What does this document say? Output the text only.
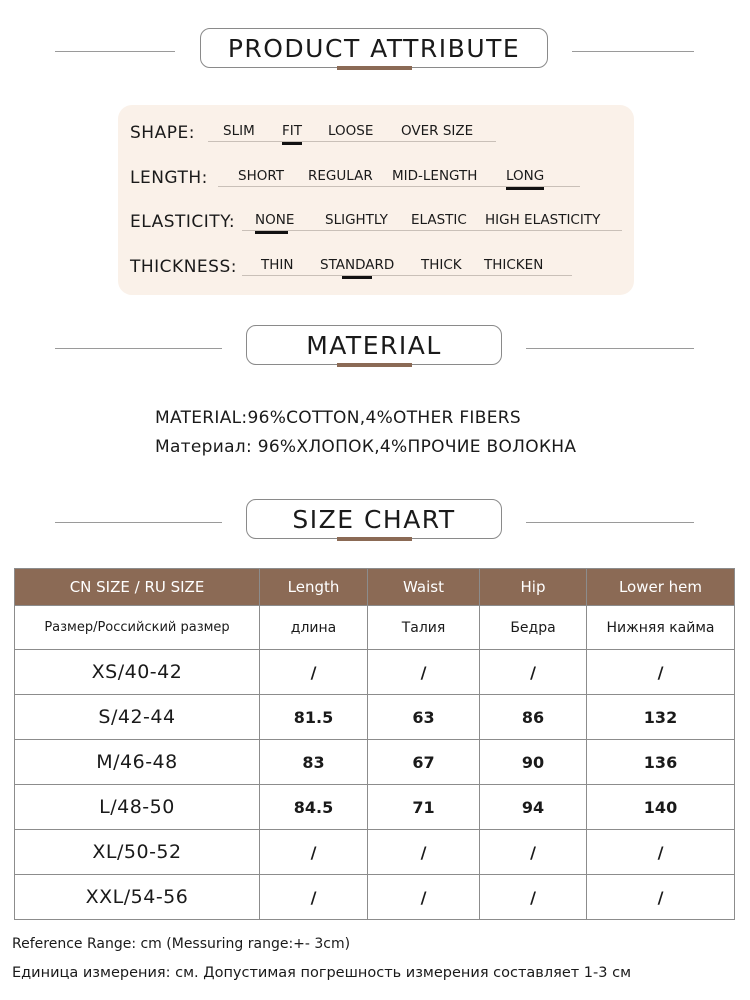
PRODUCT ATTRIBUTE
SHAPE: SLIM FIT LOOSE OVER SIZE
LENGTH: SHORT REGULAR MID-LENGTH LONG
ELASTICITY: NONE SLIGHTLY ELASTIC HIGH ELASTICITY
THICKNESS: THIN STANDARD THICK THICKEN
MATERIAL
MATERIAL:96%COTTON,4%OTHER FIBERS
Материал: 96%ХЛОПОК,4%ПРОЧИЕ ВОЛОКНА
SIZE CHART
CN SIZE / RU SIZE	Length	Waist	Hip	Lower hem
Размер/Российский размер	длина	Талия	Бедра	Нижняя кайма
XS/40-42	/	/	/	/
S/42-44	81.5	63	86	132
M/46-48	83	67	90	136
L/48-50	84.5	71	94	140
XL/50-52	/	/	/	/
XXL/54-56	/	/	/	/
Reference Range: cm (Messuring range:+- 3cm)
Единица измерения: см. Допустимая погрешность измерения составляет 1-3 см
